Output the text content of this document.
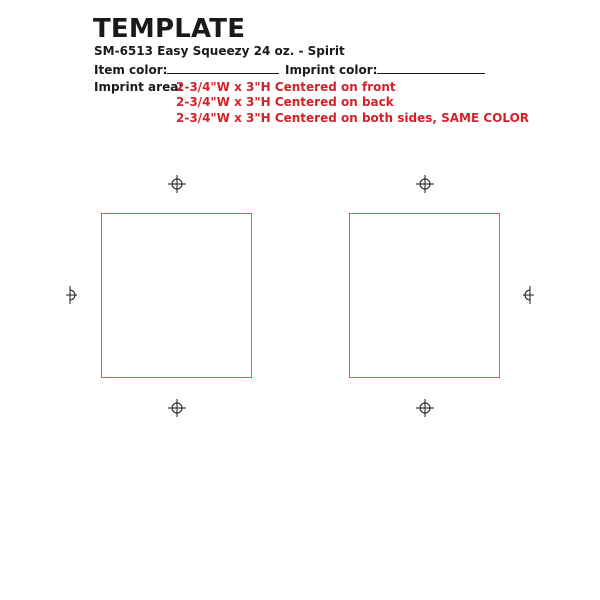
TEMPLATE
SM-6513 Easy Squeezy 24 oz. - Spirit
Item color:	Imprint color:
Imprint area:
2-3/4"W x 3"H Centered on front
2-3/4"W x 3"H Centered on back
2-3/4"W x 3"H Centered on both sides, SAME COLOR
